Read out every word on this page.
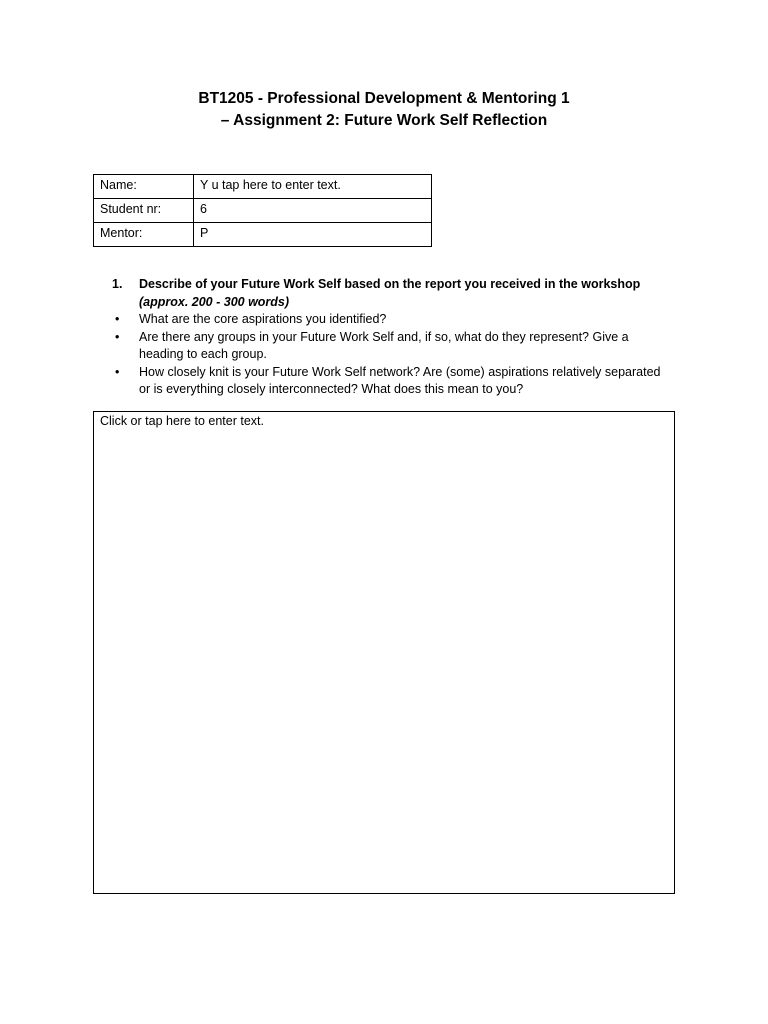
BT1205 - Professional Development & Mentoring 1
– Assignment 2: Future Work Self Reflection
Name:	Y u tap here to enter text.
Student nr:	6
Mentor:	P
1.	Describe of your Future Work Self based on the report you received in the workshop
(approx. 200 - 300 words)
•	What are the core aspirations you identified?
•	Are there any groups in your Future Work Self and, if so, what do they represent? Give a heading to each group.
•	How closely knit is your Future Work Self network? Are (some) aspirations relatively separated or is everything closely interconnected? What does this mean to you?
Click or tap here to enter text.
